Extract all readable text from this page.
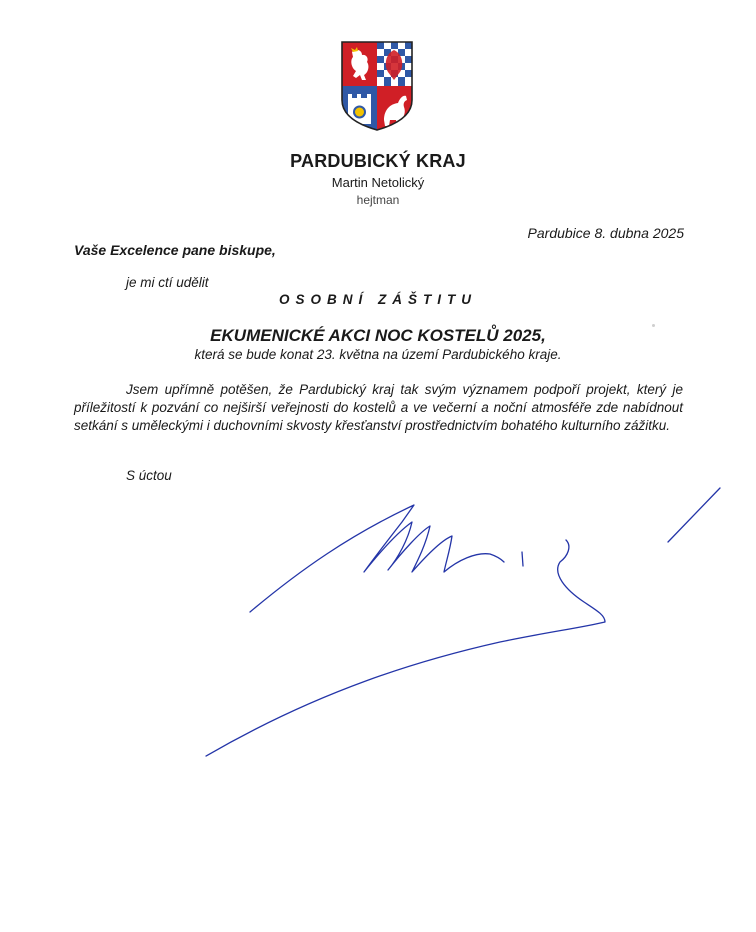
PARDUBICKÝ KRAJ
Martin Netolický
hejtman
Pardubice 8. dubna 2025
Vaše Excelence pane biskupe,
je mi ctí udělit
OSOBNÍ ZÁŠTITU
EKUMENICKÉ AKCI NOC KOSTELŮ 2025,
která se bude konat 23. května na území Pardubického kraje.

Jsem upřímně potěšen, že Pardubický kraj tak svým významem podpoří projekt, který je příležitostí k pozvání co nejširší veřejnosti do kostelů a ve večerní a noční atmosféře zde nabídnout setkání s uměleckými i duchovními skvosty křesťanství prostřednictvím bohatého kulturního zážitku.

S úctou
